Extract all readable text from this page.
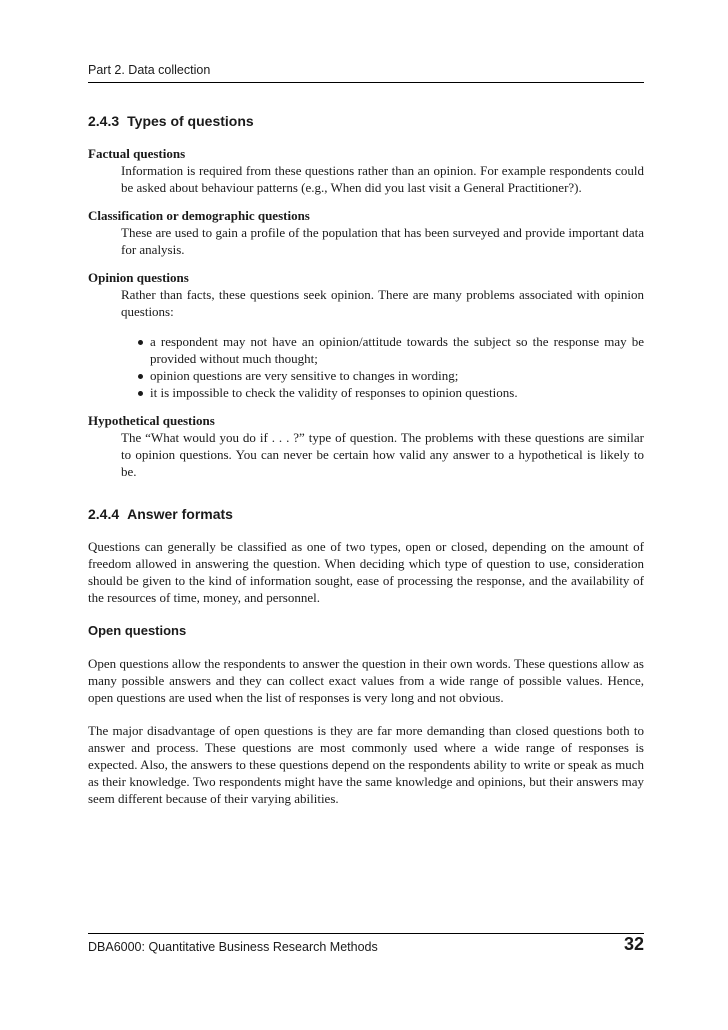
Part 2. Data collection
2.4.3 Types of questions
Factual questions
Information is required from these questions rather than an opinion. For example respondents could be asked about behaviour patterns (e.g., When did you last visit a General Practitioner?).
Classification or demographic questions
These are used to gain a profile of the population that has been surveyed and provide important data for analysis.
Opinion questions
Rather than facts, these questions seek opinion. There are many problems associated with opinion questions:
a respondent may not have an opinion/attitude towards the subject so the response may be provided without much thought;
opinion questions are very sensitive to changes in wording;
it is impossible to check the validity of responses to opinion questions.
Hypothetical questions
The “What would you do if . . . ?” type of question. The problems with these questions are similar to opinion questions. You can never be certain how valid any answer to a hypothetical is likely to be.
2.4.4 Answer formats

Questions can generally be classified as one of two types, open or closed, depending on the amount of freedom allowed in answering the question. When deciding which type of question to use, consideration should be given to the kind of information sought, ease of processing the response, and the availability of the resources of time, money, and personnel.

Open questions

Open questions allow the respondents to answer the question in their own words. These questions allow as many possible answers and they can collect exact values from a wide range of possible values. Hence, open questions are used when the list of responses is very long and not obvious.

The major disadvantage of open questions is they are far more demanding than closed questions both to answer and process. These questions are most commonly used where a wide range of responses is expected. Also, the answers to these questions depend on the respondents ability to write or speak as much as their knowledge. Two respondents might have the same knowledge and opinions, but their answers may seem different because of their varying abilities.

DBA6000: Quantitative Business Research Methods	32
